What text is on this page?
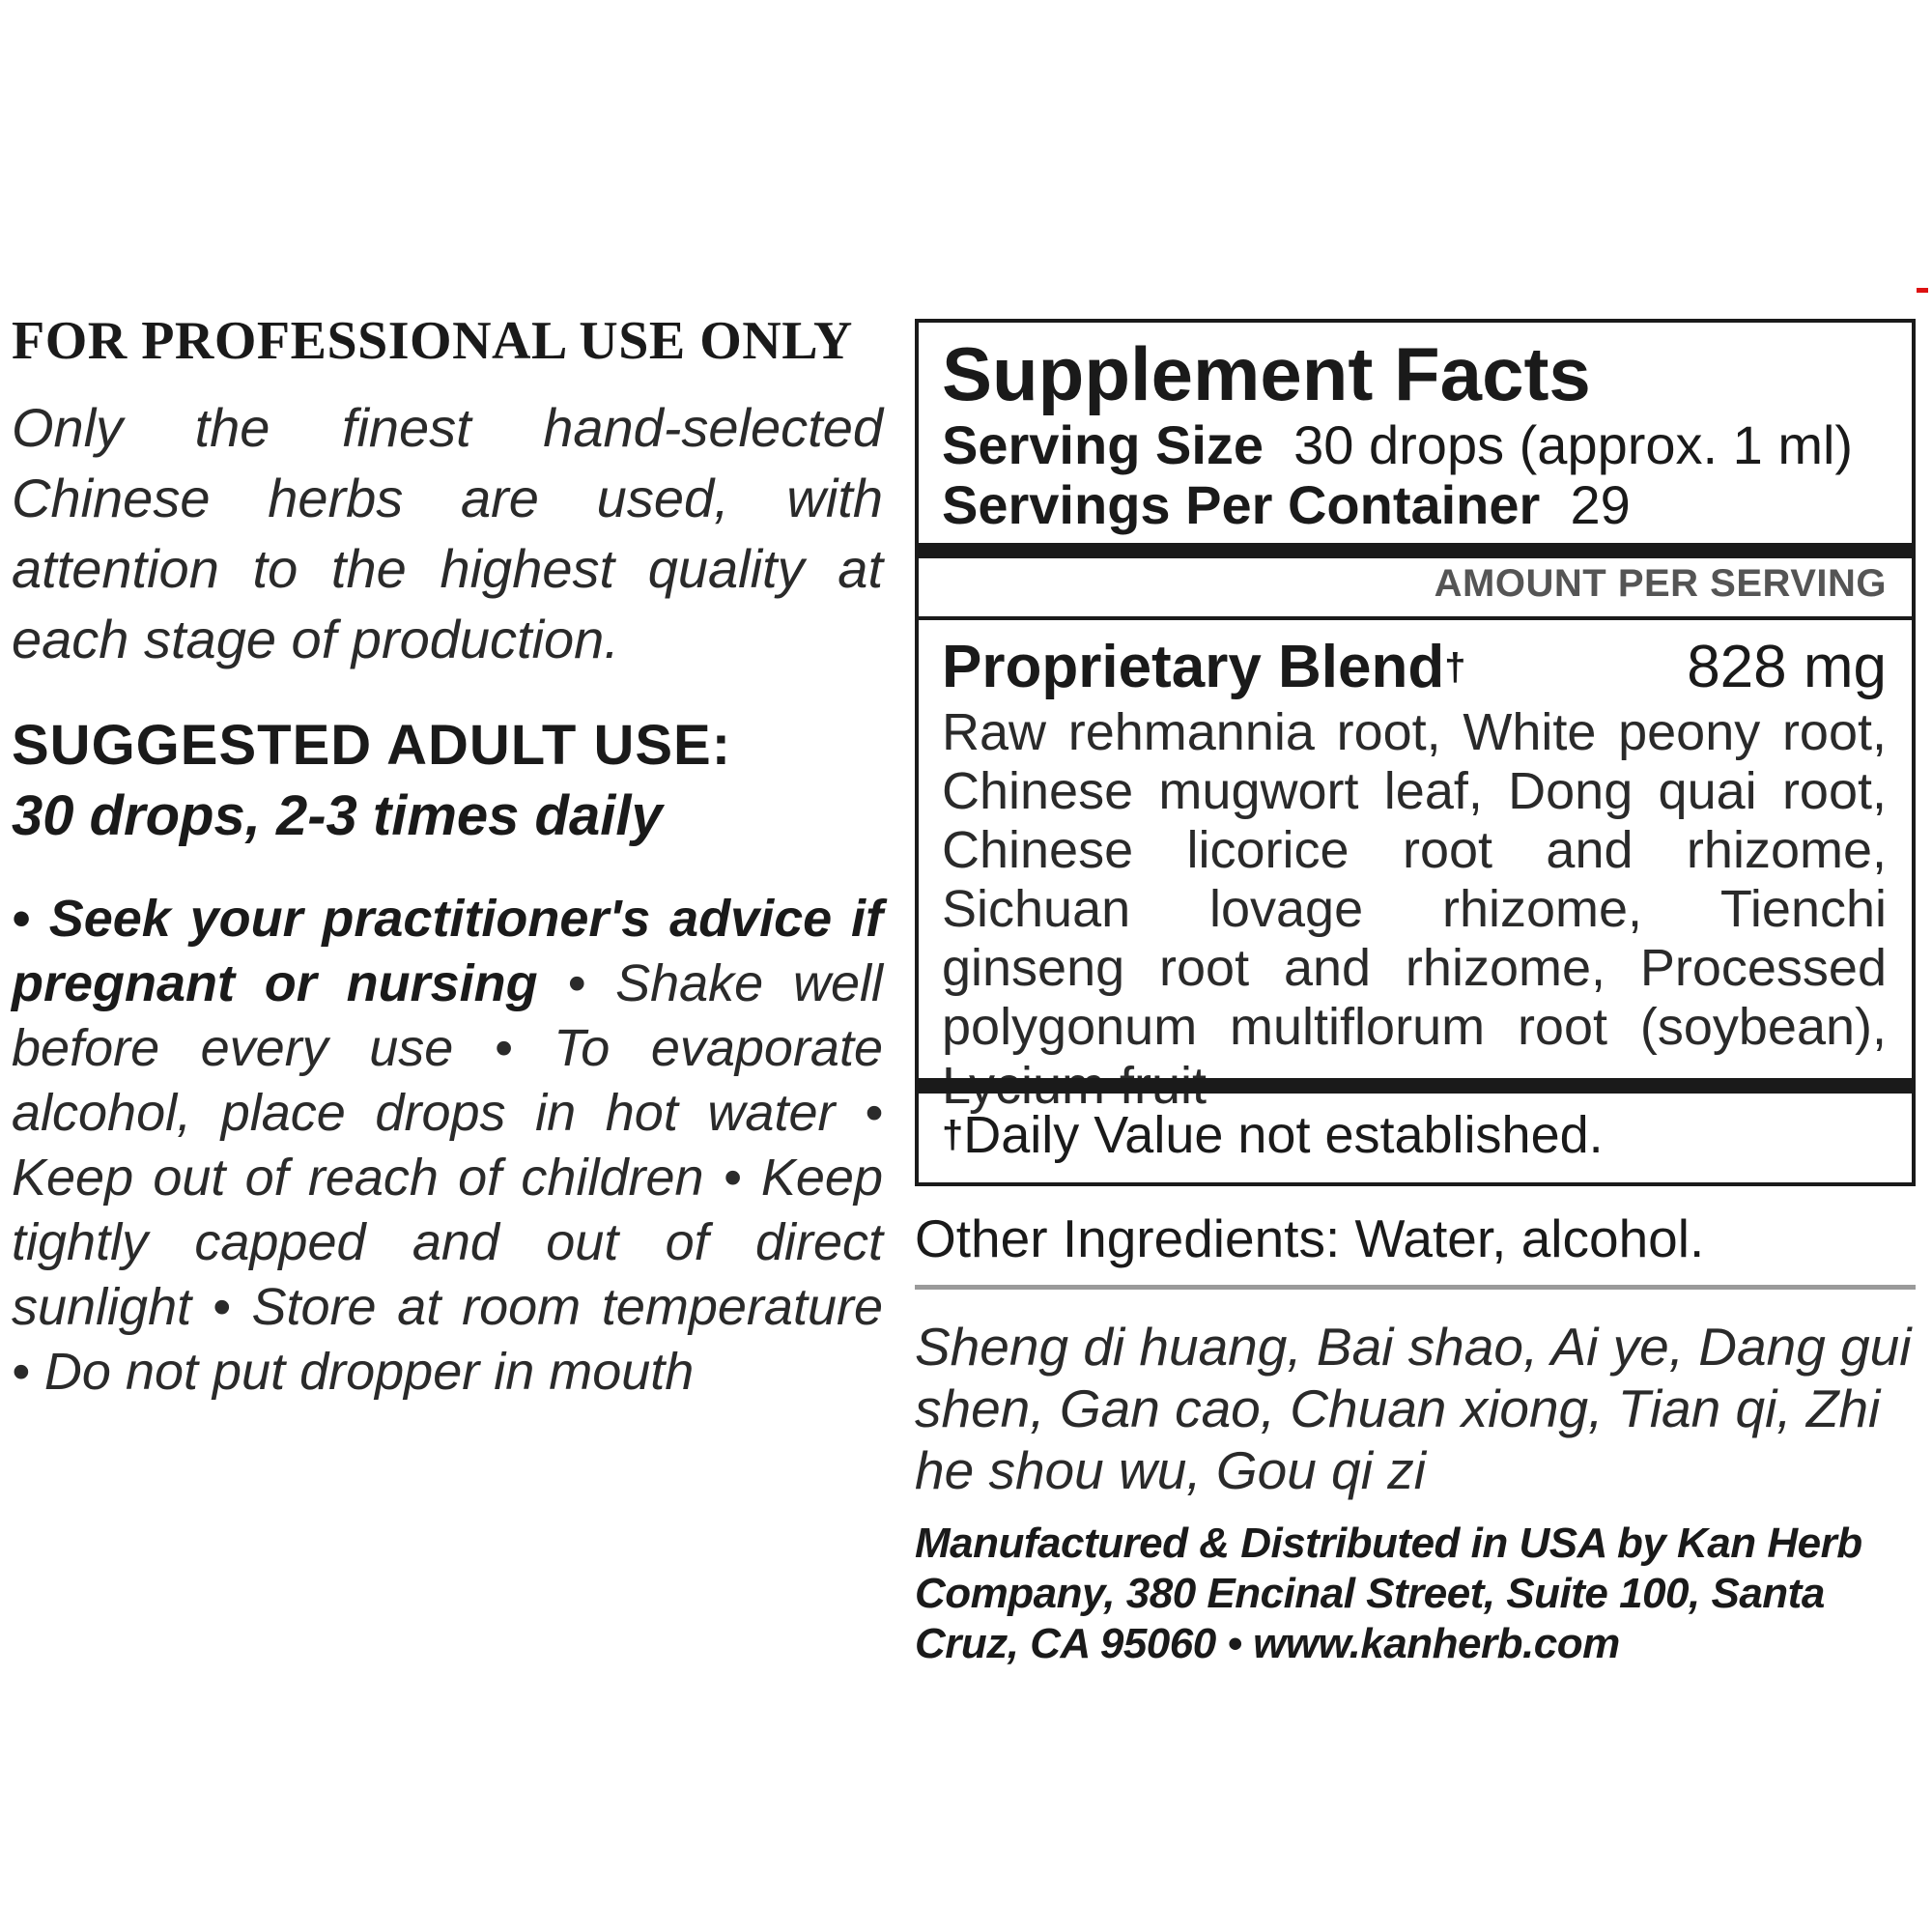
FOR PROFESSIONAL USE ONLY

Only the finest hand-selected Chinese herbs are used, with attention to the highest quality at each stage of production.

SUGGESTED ADULT USE:

30 drops, 2-3 times daily

• Seek your practitioner's advice if pregnant or nursing • Shake well before every use • To evaporate alcohol, place drops in hot water • Keep out of reach of children • Keep tightly capped and out of direct sunlight • Store at room temperature • Do not put dropper in mouth

Supplement Facts

Serving Size 30 drops (approx. 1 ml)

Servings Per Container 29

AMOUNT PER SERVING
Proprietary Blend†	828 mg

Raw rehmannia root, White peony root, Chinese mugwort leaf, Dong quai root, Chinese licorice root and rhizome, Sichuan lovage rhizome, Tienchi ginseng root and rhizome, Processed polygonum multiflorum root (soybean),

†Daily Value not established.

Other Ingredients: Water, alcohol.

Sheng di huang, Bai shao, Ai ye, Dang gui shen, Gan cao, Chuan xiong, Tian qi, Zhi he shou wu, Gou qi zi

Manufactured & Distributed in USA by Kan Herb Company, 380 Encinal Street, Suite 100, Santa Cruz, CA 95060 • www.kanherb.com
